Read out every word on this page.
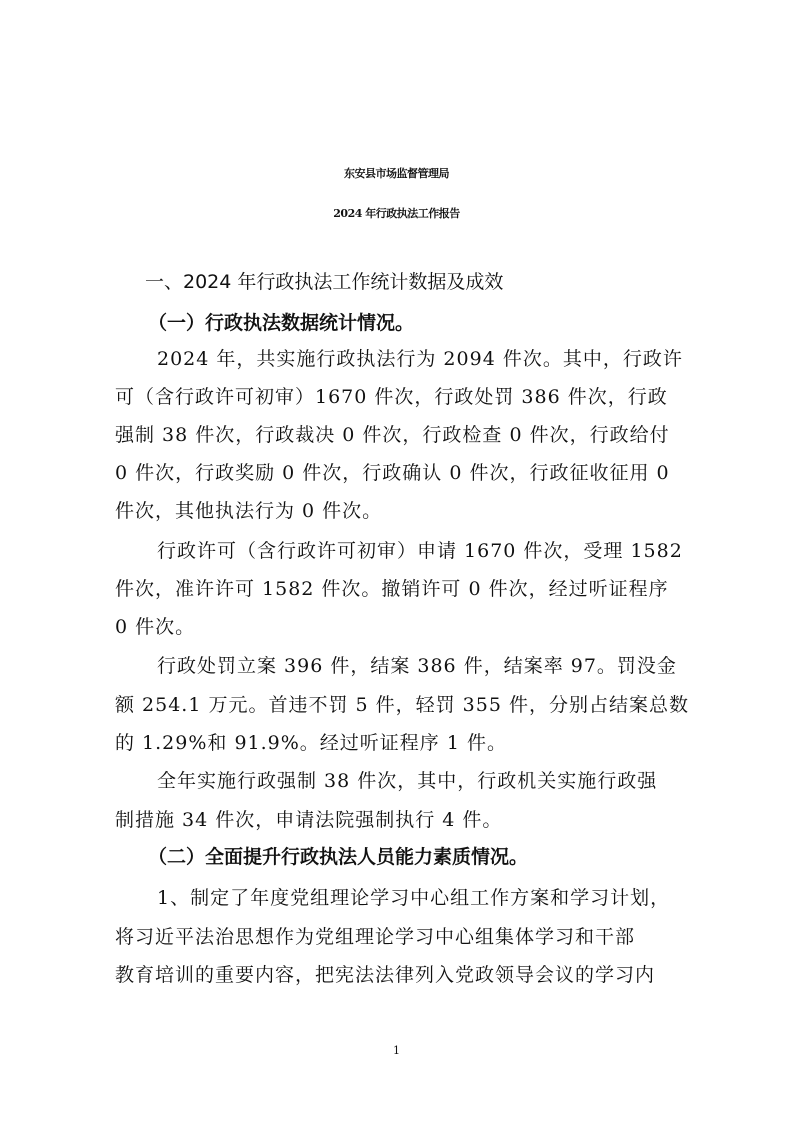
东安县市场监督管理局
2024 年行政执法工作报告
一、2024 年行政执法工作统计数据及成效
（一）行政执法数据统计情况。
2024 年，共实施行政执法行为 2094 件次。其中，行政许
可（含行政许可初审）1670 件次，行政处罚 386 件次，行政
强制 38 件次，行政裁决 0 件次，行政检查 0 件次，行政给付
0 件次，行政奖励 0 件次，行政确认 0 件次，行政征收征用 0
件次，其他执法行为 0 件次。
行政许可（含行政许可初审）申请 1670 件次，受理 1582
件次，准许许可 1582 件次。撤销许可 0 件次，经过听证程序
0 件次。
行政处罚立案 396 件，结案 386 件，结案率 97。罚没金
额 254.1 万元。首违不罚 5 件，轻罚 355 件，分别占结案总数
的 1.29%和 91.9%。经过听证程序 1 件。
全年实施行政强制 38 件次，其中，行政机关实施行政强
制措施 34 件次，申请法院强制执行 4 件。
（二）全面提升行政执法人员能力素质情况。
1、制定了年度党组理论学习中心组工作方案和学习计划，
将习近平法治思想作为党组理论学习中心组集体学习和干部
教育培训的重要内容，把宪法法律列入党政领导会议的学习内
1
